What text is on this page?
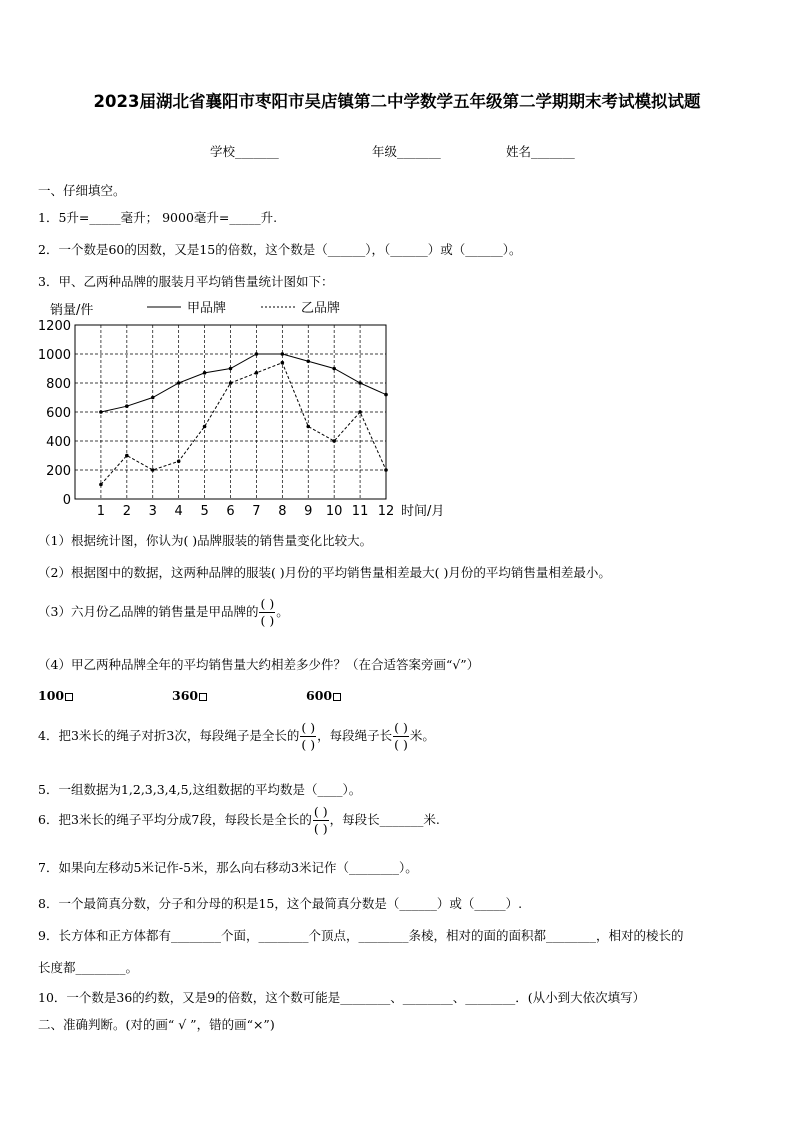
2023届湖北省襄阳市枣阳市吴店镇第二中学数学五年级第二学期期末考试模拟试题
学校_______	年级_______	姓名_______
一、仔细填空。
1．5升=_____毫升； 9000毫升=_____升.
2．一个数是60的因数，又是15的倍数，这个数是（______），（______）或（______）。
3．甲、乙两种品牌的服装月平均销售量统计图如下：
甲品牌	乙品牌
销量/件
时间/月
0
200
400
600
800
1000
1200
1 2 3 4 5 6 7 8 9 10 11 12
（1）根据统计图，你认为( )品牌服装的销售量变化比较大。
（2）根据图中的数据，这两种品牌的服装( )月份的平均销售量相差最大( )月份的平均销售量相差最小。
（3）六月份乙品牌的销售量是甲品牌的 $\frac{( )}{( )}$ 。
（4）甲乙两种品牌全年的平均销售量大约相差多少件？（在合适答案旁画“√”）
100	360	600
4．把3米长的绳子对折3次，每段绳子是全长的 $\frac{( )}{( )}$ ，每段绳子长 $\frac{( )}{( )}$ 米。
5．一组数据为1,2,3,3,4,5,这组数据的平均数是（____）。
6．把3米长的绳子平均分成7段，每段长是全长的 $\frac{( )}{( )}$ ，每段长_______米.
7．如果向左移动5米记作-5米，那么向右移动3米记作（________）。
8．一个最简真分数，分子和分母的积是15，这个最简真分数是（______）或（_____）.
9．长方体和正方体都有________个面，________个顶点，________条棱，相对的面的面积都________，相对的棱长的
长度都________。
10．一个数是36的约数，又是9的倍数，这个数可能是________、________、________．(从小到大依次填写）
二、准确判断。(对的画“ √ ”，错的画“×”)
